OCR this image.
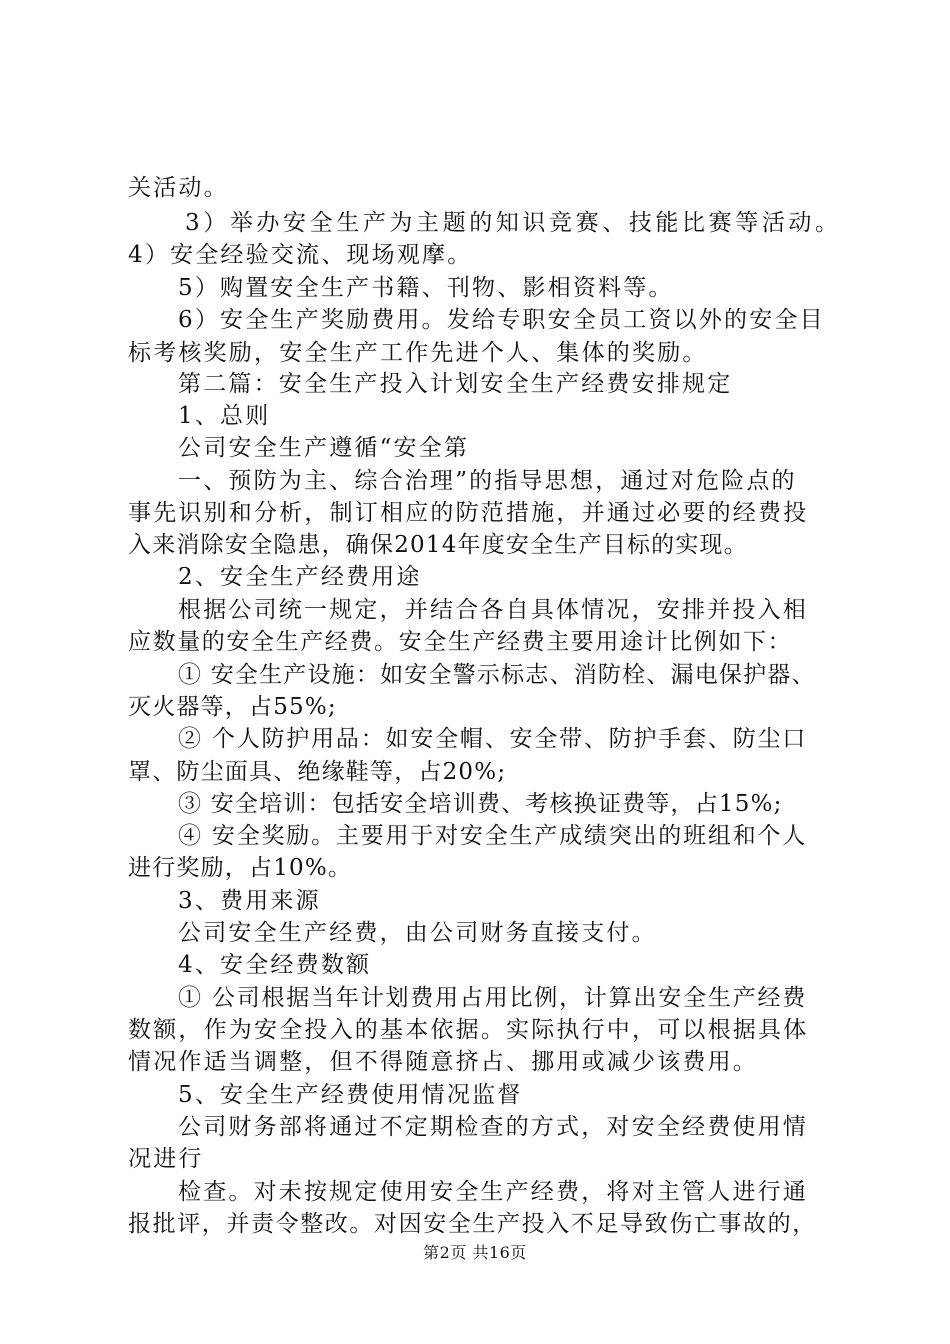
关活动。
3）举办安全生产为主题的知识竞赛、技能比赛等活动。
4）安全经验交流、现场观摩。
5）购置安全生产书籍、刊物、影相资料等。
6）安全生产奖励费用。发给专职安全员工资以外的安全目
标考核奖励，安全生产工作先进个人、集体的奖励。
第二篇：安全生产投入计划安全生产经费安排规定
1、总则
公司安全生产遵循“安全第
一、预防为主、综合治理”的指导思想，通过对危险点的
事先识别和分析，制订相应的防范措施，并通过必要的经费投
入来消除安全隐患，确保2014年度安全生产目标的实现。
2、安全生产经费用途
根据公司统一规定，并结合各自具体情况，安排并投入相
应数量的安全生产经费。安全生产经费主要用途计比例如下：
① 安全生产设施：如安全警示标志、消防栓、漏电保护器、
灭火器等，占55%;
② 个人防护用品：如安全帽、安全带、防护手套、防尘口
罩、防尘面具、绝缘鞋等，占20%;
③ 安全培训：包括安全培训费、考核换证费等，占15%;
④ 安全奖励。主要用于对安全生产成绩突出的班组和个人
进行奖励，占10%。
3、费用来源
公司安全生产经费，由公司财务直接支付。
4、安全经费数额
① 公司根据当年计划费用占用比例，计算出安全生产经费
数额，作为安全投入的基本依据。实际执行中，可以根据具体
情况作适当调整，但不得随意挤占、挪用或减少该费用。
5、安全生产经费使用情况监督
公司财务部将通过不定期检查的方式，对安全经费使用情
况进行
检查。对未按规定使用安全生产经费，将对主管人进行通
报批评，并责令整改。对因安全生产投入不足导致伤亡事故的，
第2页 共16页
